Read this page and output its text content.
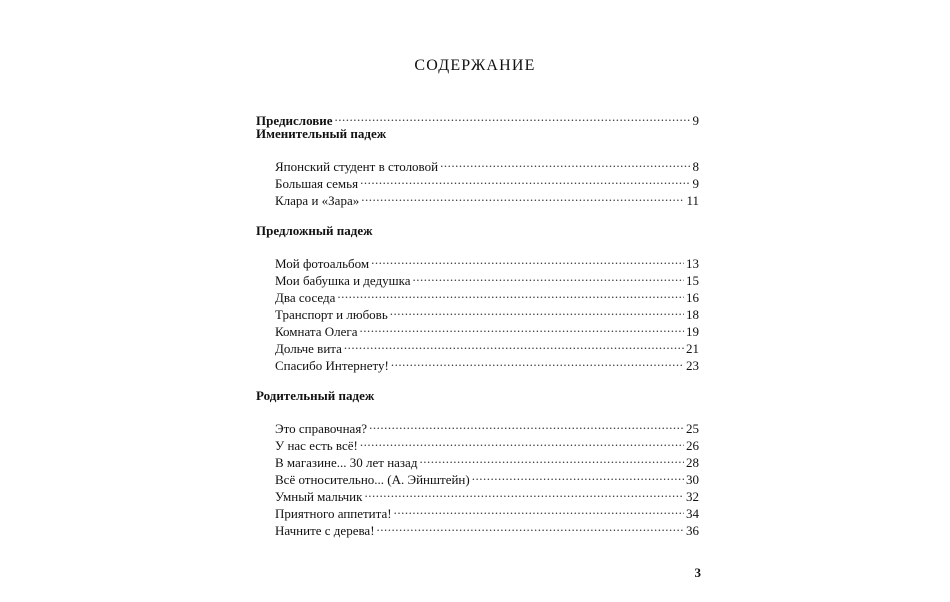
СОДЕРЖАНИЕ
Предисловие .....	9
Именительный падеж
Японский студент в столовой .....	8
Большая семья .....	9
Клара и «Зара» .....	11
Предложный падеж
Мой фотоальбом .....	13
Мои бабушка и дедушка .....	15
Два соседа .....	16
Транспорт и любовь .....	18
Комната Олега .....	19
Дольче вита .....	21
Спасибо Интернету! .....	23
Родительный падеж
Это справочная? .....	25
У нас есть всё! .....	26
В магазине... 30 лет назад .....	28
Всё относительно... (А. Эйнштейн) .....	30
Умный мальчик .....	32
Приятного аппетита! .....	34
Начните с дерева! .....	36
3
